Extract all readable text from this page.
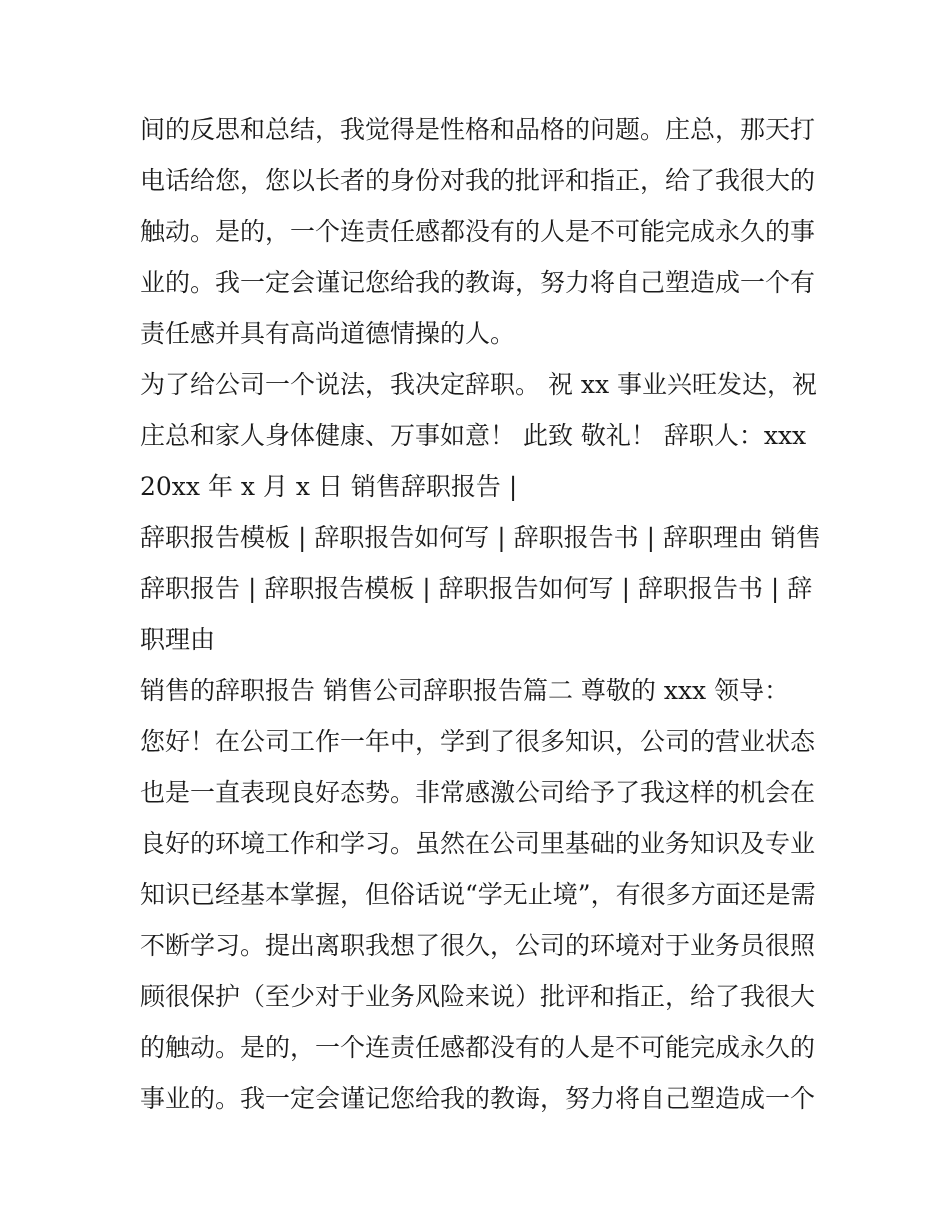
间的反思和总结，我觉得是性格和品格的问题。庄总，那天打
电话给您，您以长者的身份对我的批评和指正，给了我很大的
触动。是的，一个连责任感都没有的人是不可能完成永久的事
业的。我一定会谨记您给我的教诲，努力将自己塑造成一个有
责任感并具有高尚道德情操的人。
为了给公司一个说法，我决定辞职。 祝 xx 事业兴旺发达，祝
庄总和家人身体健康、万事如意！ 此致 敬礼！ 辞职人：xxx
20xx 年 x 月 x 日 销售辞职报告 |
辞职报告模板 | 辞职报告如何写 | 辞职报告书 | 辞职理由 销售
辞职报告 | 辞职报告模板 | 辞职报告如何写 | 辞职报告书 | 辞
职理由
销售的辞职报告 销售公司辞职报告篇二 尊敬的 xxx 领导：
您好！在公司工作一年中，学到了很多知识，公司的营业状态
也是一直表现良好态势。非常感激公司给予了我这样的机会在
良好的环境工作和学习。虽然在公司里基础的业务知识及专业
知识已经基本掌握，但俗话说“学无止境”，有很多方面还是需
不断学习。提出离职我想了很久，公司的环境对于业务员很照
顾很保护（至少对于业务风险来说）批评和指正，给了我很大
的触动。是的，一个连责任感都没有的人是不可能完成永久的
事业的。我一定会谨记您给我的教诲，努力将自己塑造成一个
